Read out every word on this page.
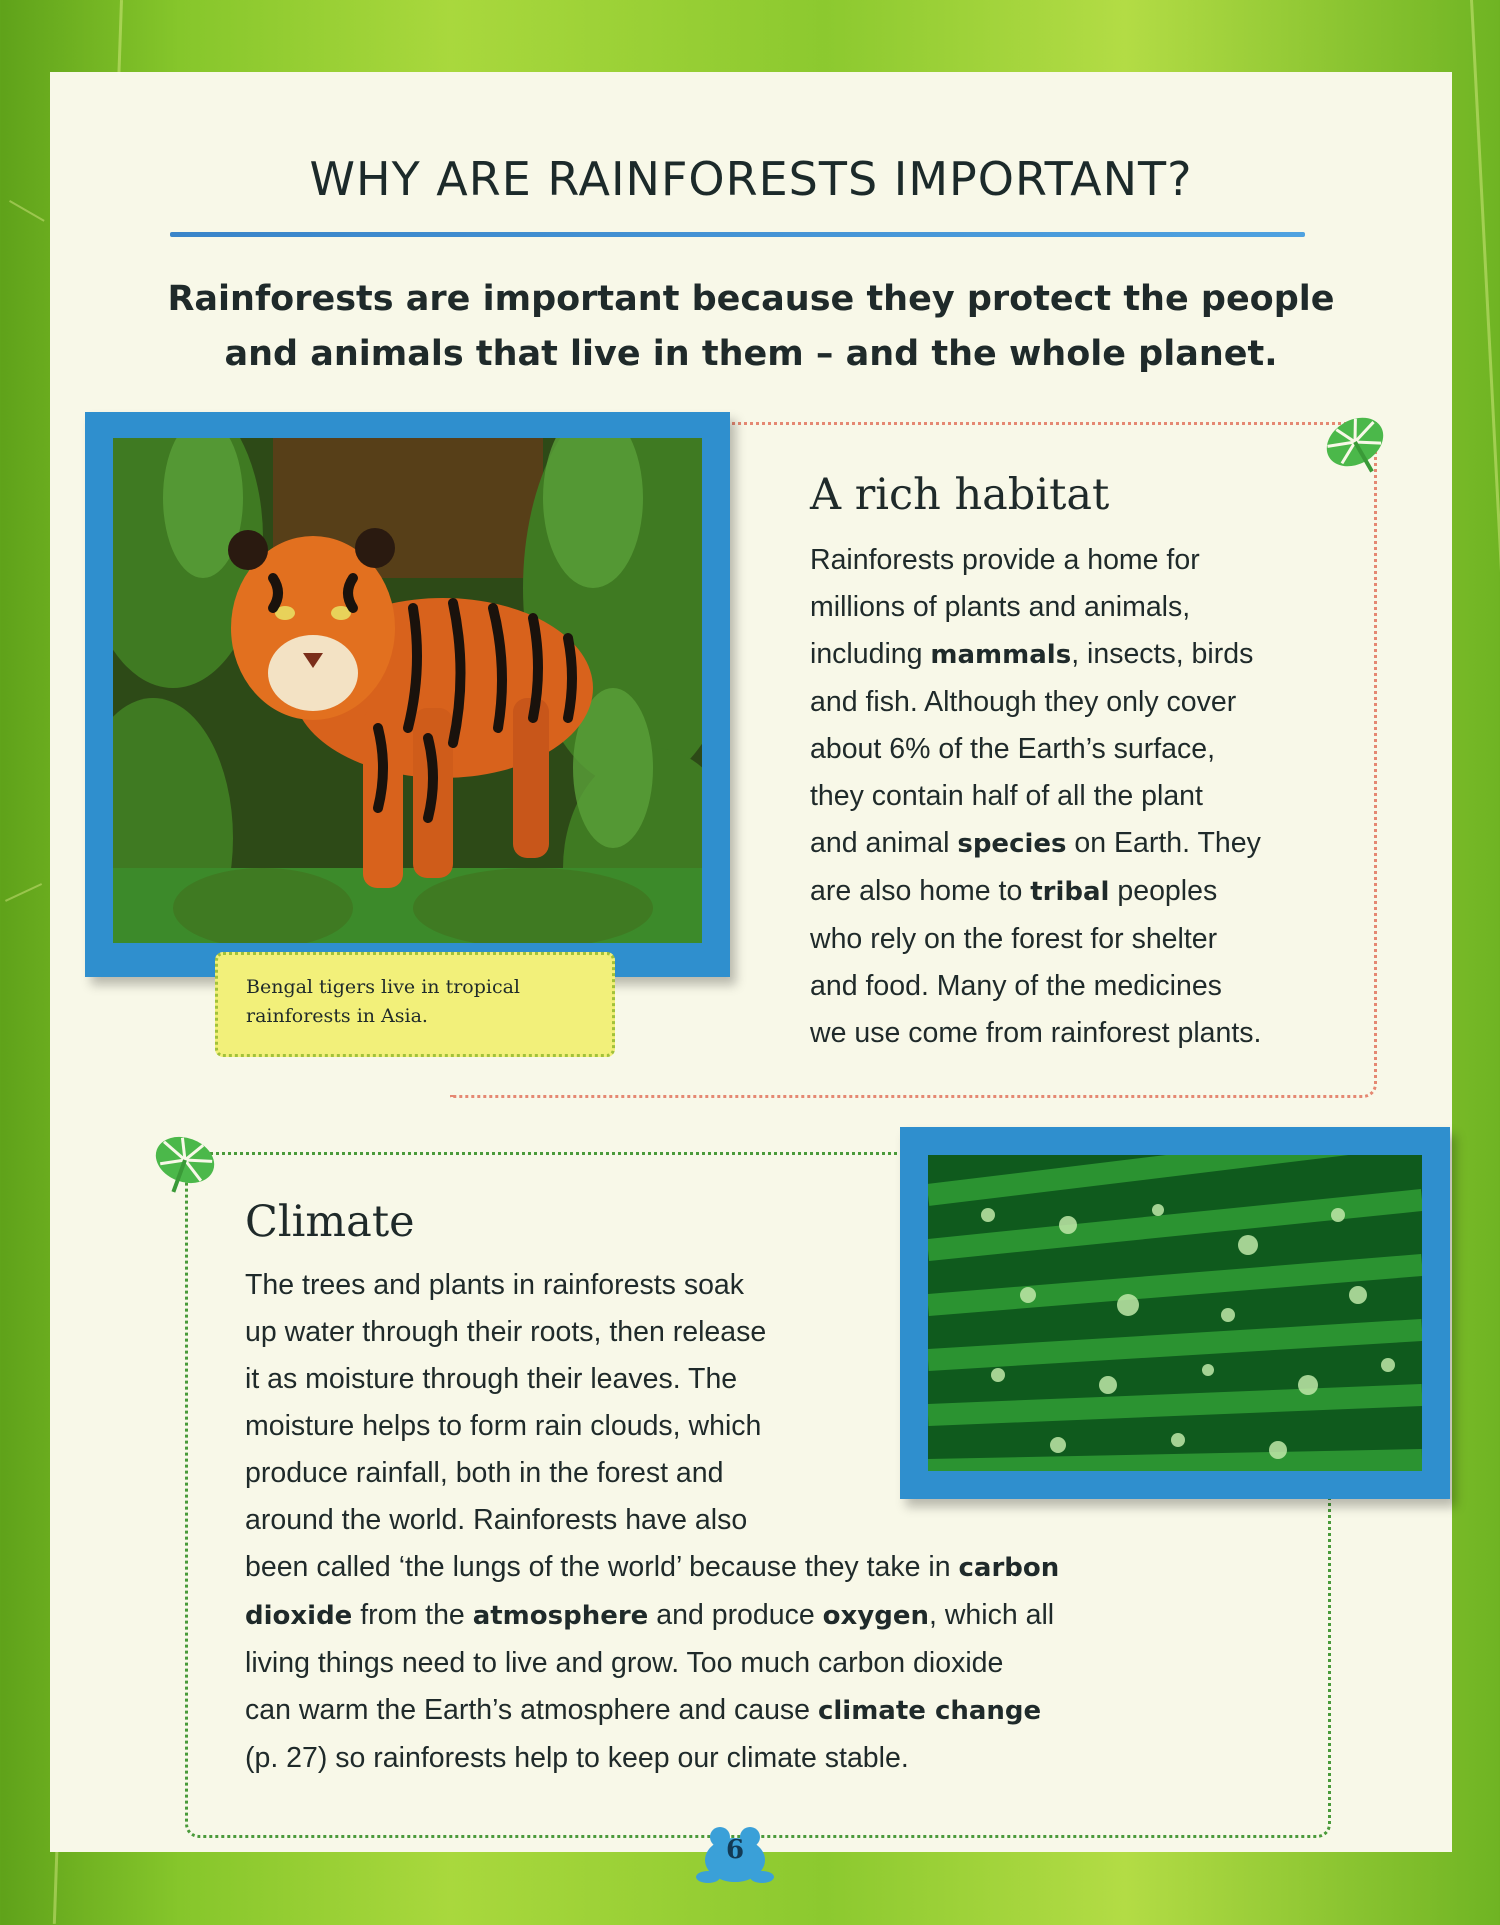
WHY ARE RAINFORESTS IMPORTANT?

Rainforests are important because they protect the people

and animals that live in them – and the whole planet.

Bengal tigers live in tropical
rainforests in Asia.
A rich habitat
Rainforests provide a home for
millions of plants and animals,
including mammals, insects, birds
and fish. Although they only cover
about 6% of the Earth’s surface,
they contain half of all the plant
and animal species on Earth. They
are also home to tribal peoples
who rely on the forest for shelter
and food. Many of the medicines
we use come from rainforest plants.
Climate
The trees and plants in rainforests soak
up water through their roots, then release
it as moisture through their leaves. The
moisture helps to form rain clouds, which
produce rainfall, both in the forest and
around the world. Rainforests have also
been called ‘the lungs of the world’ because they take in carbon
dioxide from the atmosphere and produce oxygen, which all
living things need to live and grow. Too much carbon dioxide
can warm the Earth’s atmosphere and cause climate change
(p. 27) so rainforests help to keep our climate stable.
6
